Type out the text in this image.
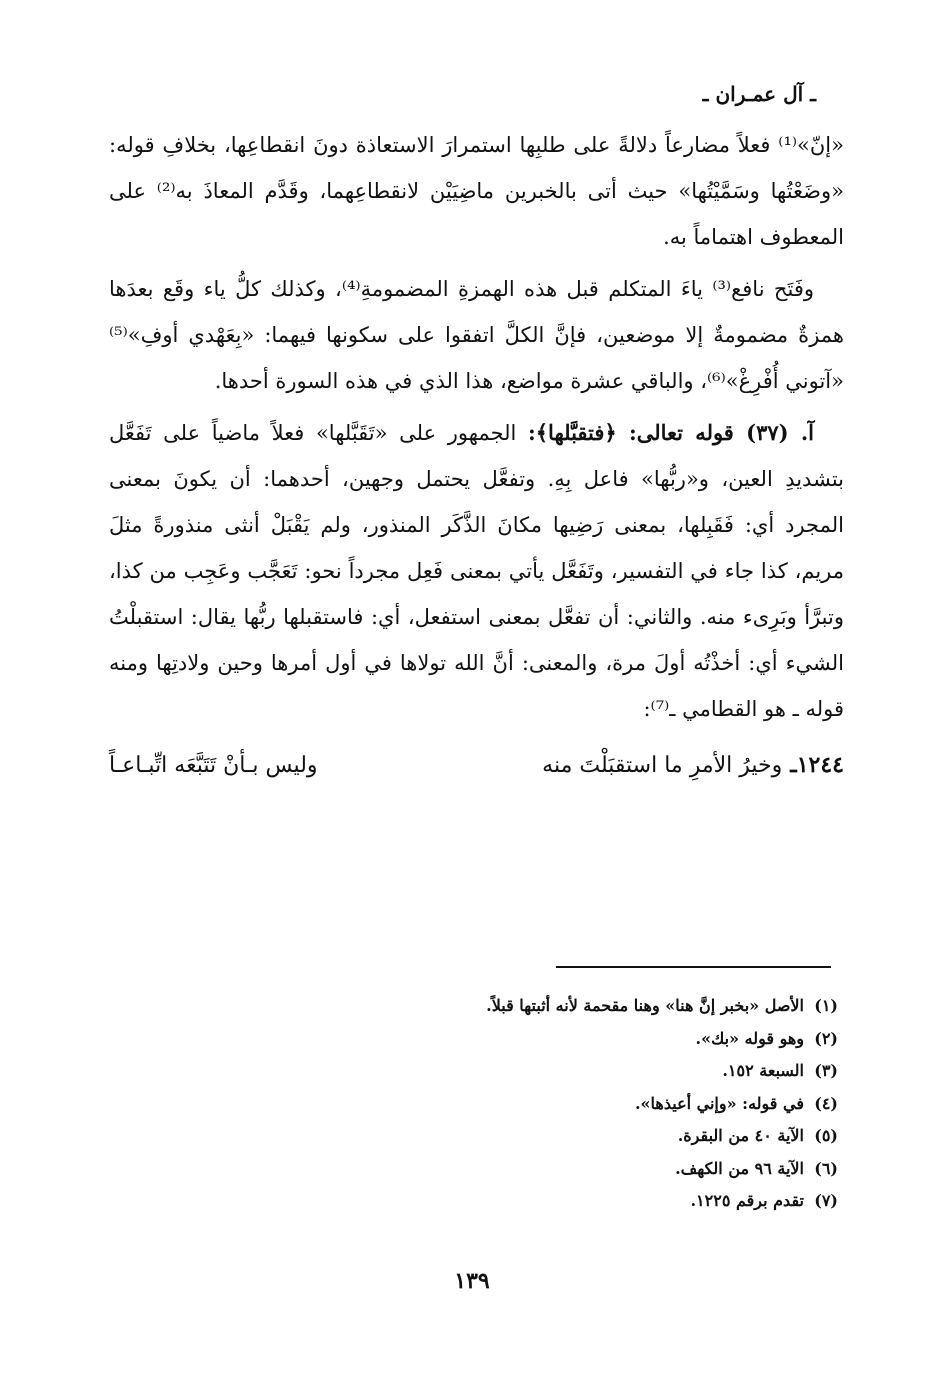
ـ آل عمـران ـ

«إنّ»⁽¹⁾ فعلاً مضارعاً دلالةً على طلبِها استمرارَ الاستعاذة دونَ انقطاعِها، بخلافِ قوله: «وضَعْتُها وسَمَّيْتُها» حيث أتى بالخبرين ماضِيَيْن لانقطاعِهما، وقَدَّم المعاذَ به⁽²⁾ على المعطوف اهتماماً به.

وفَتَح نافع⁽³⁾ ياءَ المتكلم قبل هذه الهمزةِ المضمومةِ⁽⁴⁾، وكذلك كلُّ ياء وقَع بعدَها همزةٌ مضمومةٌ إلا موضعين، فإنَّ الكلَّ اتفقوا على سكونها فيهما: «بِعَهْدي أوفِ»⁽⁵⁾ «آتوني أُفْرِغْ»⁽⁶⁾، والباقي عشرة مواضع، هذا الذي في هذه السورة أحدها.

آ. (٣٧) قوله تعالى: ﴿فتقبَّلها﴾: الجمهور على «تَقَبَّلها» فعلاً ماضياً على تَفَعَّل بتشديدِ العين، و«ربُّها» فاعل بِهِ. وتفعَّل يحتمل وجهين، أحدهما: أن يكونَ بمعنى المجرد أي: فَقَبِلها، بمعنى رَضِيها مكانَ الذَّكَر المنذور، ولم يَقْبَلْ أنثى منذورةً مثلَ مريم، كذا جاء في التفسير، وتَفَعَّل يأتي بمعنى فَعِل مجرداً نحو: تَعَجَّب وعَجِب من كذا، وتبرَّأ وبَرِىء منه. والثاني: أن تفعَّل بمعنى استفعل، أي: فاستقبلها ربُّها يقال: استقبلْتُ الشيء أي: أخذْتُه أولَ مرة، والمعنى: أنَّ الله تولاها في أول أمرها وحين ولادتِها ومنه قوله ـ هو القطامي ـ⁽⁷⁾:

١٢٤٤ـ
وخيرُ الأمرِ ما استقبَلْتَ منه
وليس بـأنْ تَتَبَّعَه اتِّبـاعـاً
(١)الأصل «بخبر إنَّ هنا» وهنا مقحمة لأنه أثبتها قبلاً.
(٢)وهو قوله «بك».
(٣)السبعة ١٥٢.
(٤)في قوله: «وإني أعيذها».
(٥)الآية ٤٠ من البقرة.
(٦)الآية ٩٦ من الكهف.
(٧)تقدم برقم ١٢٢٥.
١٣٩
